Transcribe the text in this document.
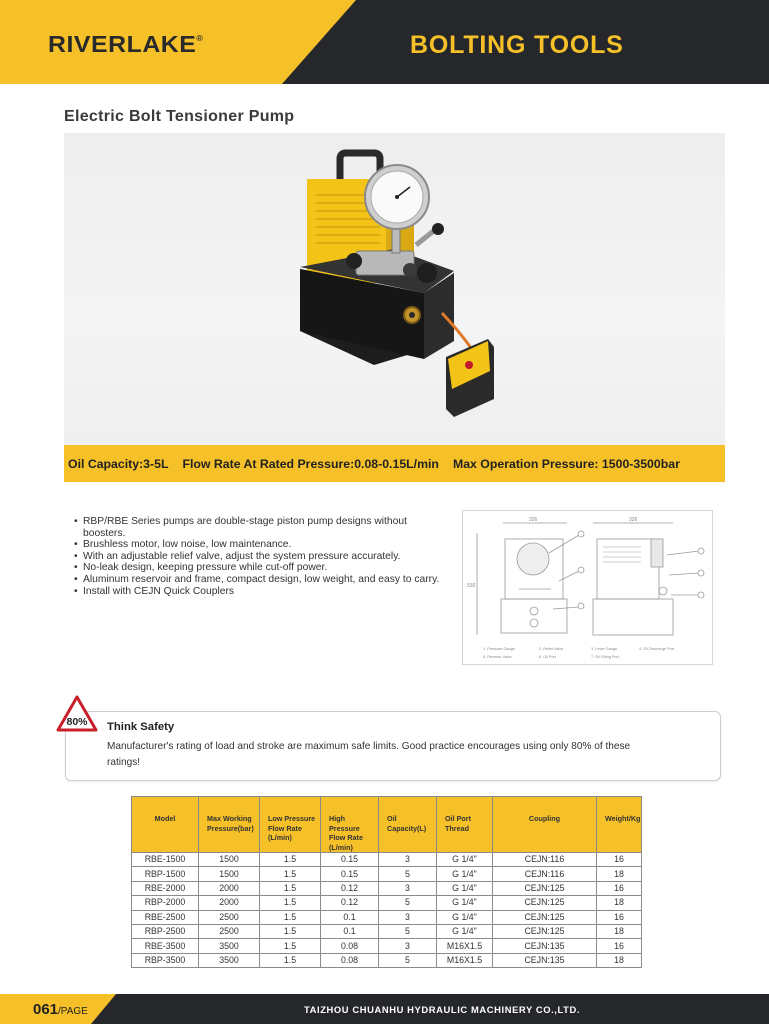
RIVERLAKE®	BOLTING TOOLS
Electric Bolt Tensioner Pump
Oil Capacity:3-5L Flow Rate At Rated Pressure:0.08-0.15L/min Max Operation Pressure: 1500-3500bar
• RBP/RBE Series pumps are double-stage piston pump designs without boosters.
• Brushless motor, low noise, low maintenance.
• With an adjustable relief valve, adjust the system pressure accurately.
• No-leak design, keeping pressure while cut-off power.
• Aluminum reservoir and frame, compact design, low weight, and easy to carry.
• Install with CEJN Quick Couplers
326	326
530
1. Pressure Gauge	2. Relief Valve	3. Lever Gauge	4. Oil Discharge Port
5. Reverse Valve	6. Oil Port	7. Oil Filling Port
80% Think Safety
Manufacturer's rating of load and stroke are maximum safe limits. Good practice encourages using only 80% of these ratings!
Model	Max Working Pressure(bar)	Low Pressure Flow Rate (L/min)	High Pressure Flow Rate (L/min)	Oil Capacity(L)	Oil Port Thread	Coupling	Weight/Kg
RBE-1500	1500	1.5	0.15	3	G 1/4"	CEJN:116	16
RBP-1500	1500	1.5	0.15	5	G 1/4"	CEJN:116	18
RBE-2000	2000	1.5	0.12	3	G 1/4"	CEJN:125	16
RBP-2000	2000	1.5	0.12	5	G 1/4"	CEJN:125	18
RBE-2500	2500	1.5	0.1	3	G 1/4"	CEJN:125	16
RBP-2500	2500	1.5	0.1	5	G 1/4"	CEJN:125	18
RBE-3500	3500	1.5	0.08	3	M16X1.5	CEJN:135	16
RBP-3500	3500	1.5	0.08	5	M16X1.5	CEJN:135	18
061/PAGE	TAIZHOU CHUANHU HYDRAULIC MACHINERY CO.,LTD.
